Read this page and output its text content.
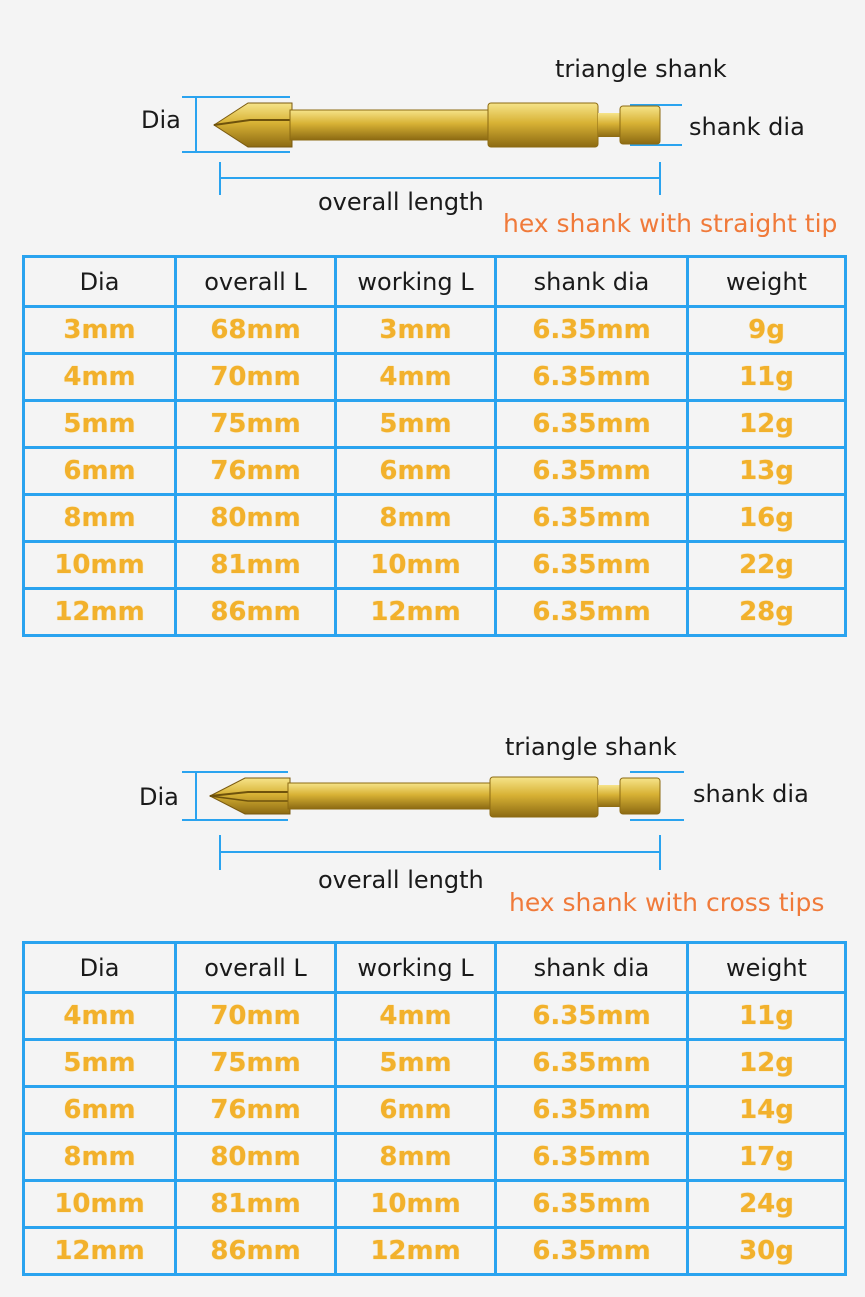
triangle shank
shank dia
Dia
overall length
hex shank with straight tip
Dia	overall L	working L	shank dia	weight
3mm	68mm	3mm	6.35mm	9g
4mm	70mm	4mm	6.35mm	11g
5mm	75mm	5mm	6.35mm	12g
6mm	76mm	6mm	6.35mm	13g
8mm	80mm	8mm	6.35mm	16g
10mm	81mm	10mm	6.35mm	22g
12mm	86mm	12mm	6.35mm	28g
triangle shank
shank dia
Dia
overall length
hex shank with cross tips
Dia	overall L	working L	shank dia	weight
4mm	70mm	4mm	6.35mm	11g
5mm	75mm	5mm	6.35mm	12g
6mm	76mm	6mm	6.35mm	14g
8mm	80mm	8mm	6.35mm	17g
10mm	81mm	10mm	6.35mm	24g
12mm	86mm	12mm	6.35mm	30g
